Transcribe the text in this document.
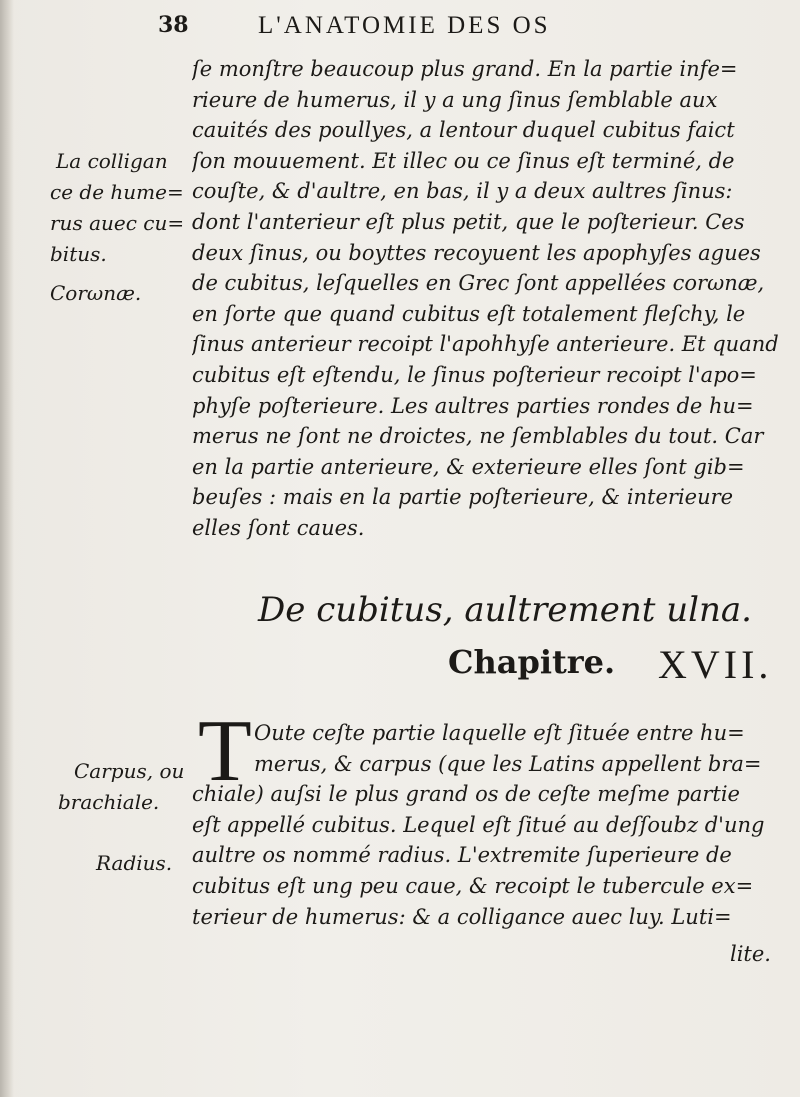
38	L'ANATOMIE DES OS
ſe monſtre beaucoup plus grand. En la partie infe=
rieure de humerus, il y a ung ſinus ſemblable aux
cauités des poullyes, a lentour duquel cubitus faict
ſon mouuement. Et illec ou ce ſinus eſt terminé, de
couſte, & d'aultre, en bas, il y a deux aultres ſinus:
dont l'anterieur eſt plus petit, que le poſterieur. Ces
deux ſinus, ou boyttes recoyuent les apophyſes agues
de cubitus, leſquelles en Grec ſont appellées corωnæ,
en ſorte que quand cubitus eſt totalement fleſchy, le
ſinus anterieur recoipt l'apohhyſe anterieure. Et quand
cubitus eſt eſtendu, le ſinus poſterieur recoipt l'apo=
phyſe poſterieure. Les aultres parties rondes de hu=
merus ne ſont ne droictes, ne ſemblables du tout. Car
en la partie anterieure, & exterieure elles ſont gib=
beuſes : mais en la partie poſterieure, & interieure
elles ſont caues.
La colligan
ce de hume=
rus auec cu=
bitus.
Corωnæ.
De cubitus, aultrement ulna.
Chapitre. XVII.
T Oute ceſte partie laquelle eſt ſituée entre hu=
merus, & carpus (que les Latins appellent bra=
chiale) auſsi le plus grand os de ceſte meſme partie
eſt appellé cubitus. Lequel eſt ſitué au deſſoubz d'ung
aultre os nommé radius. L'extremite ſuperieure de
cubitus eſt ung peu caue, & recoipt le tubercule ex=
terieur de humerus: & a colligance auec luy. Luti=
Carpus, ou
brachiale.
Radius.
lite.
